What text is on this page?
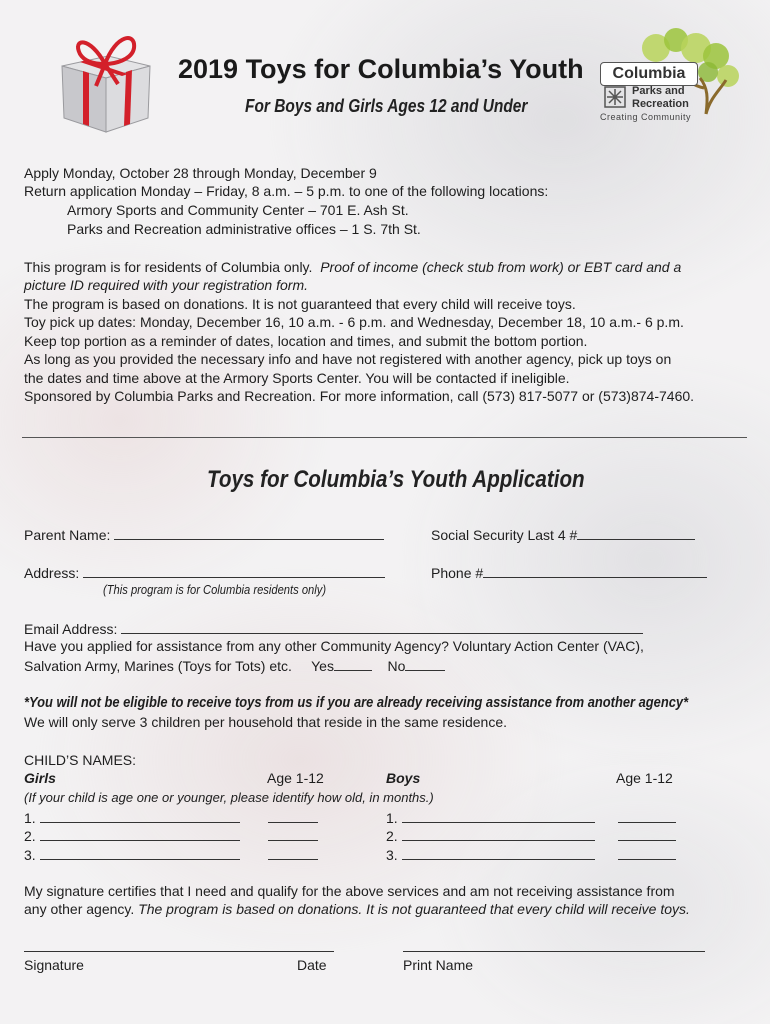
2019 Toys for Columbia’s Youth
For Boys and Girls Ages 12 and Under
Columbia
Parks and
Recreation
Creating Community
Apply Monday, October 28 through Monday, December 9
Return application Monday – Friday, 8 a.m. – 5 p.m. to one of the following locations:
Armory Sports and Community Center – 701 E. Ash St.
Parks and Recreation administrative offices – 1 S. 7th St.
This program is for residents of Columbia only. Proof of income (check stub from work) or EBT card and a
picture ID required with your registration form.
The program is based on donations. It is not guaranteed that every child will receive toys.
Toy pick up dates: Monday, December 16, 10 a.m. - 6 p.m. and Wednesday, December 18, 10 a.m.- 6 p.m.
Keep top portion as a reminder of dates, location and times, and submit the bottom portion.
As long as you provided the necessary info and have not registered with another agency, pick up toys on
the dates and time above at the Armory Sports Center. You will be contacted if ineligible.
Sponsored by Columbia Parks and Recreation. For more information, call (573) 817-5077 or (573)874-7460.
Toys for Columbia’s Youth Application
Parent Name:	Social Security Last 4 #
Address:
(This program is for Columbia residents only)
Phone #
Email Address:
Have you applied for assistance from any other Community Agency? Voluntary Action Center (VAC),
Salvation Army, Marines (Toys for Tots) etc. Yes	No
*You will not be eligible to receive toys from us if you are already receiving assistance from another agency*
We will only serve 3 children per household that reside in the same residence.
CHILD’S NAMES:
Girls	Age 1-12	Boys	Age 1-12
(If your child is age one or younger, please identify how old, in months.)
1.	1.
2.	2.
3.	3.
My signature certifies that I need and qualify for the above services and am not receiving assistance from
any other agency. The program is based on donations. It is not guaranteed that every child will receive toys.
Signature	Date	Print Name
